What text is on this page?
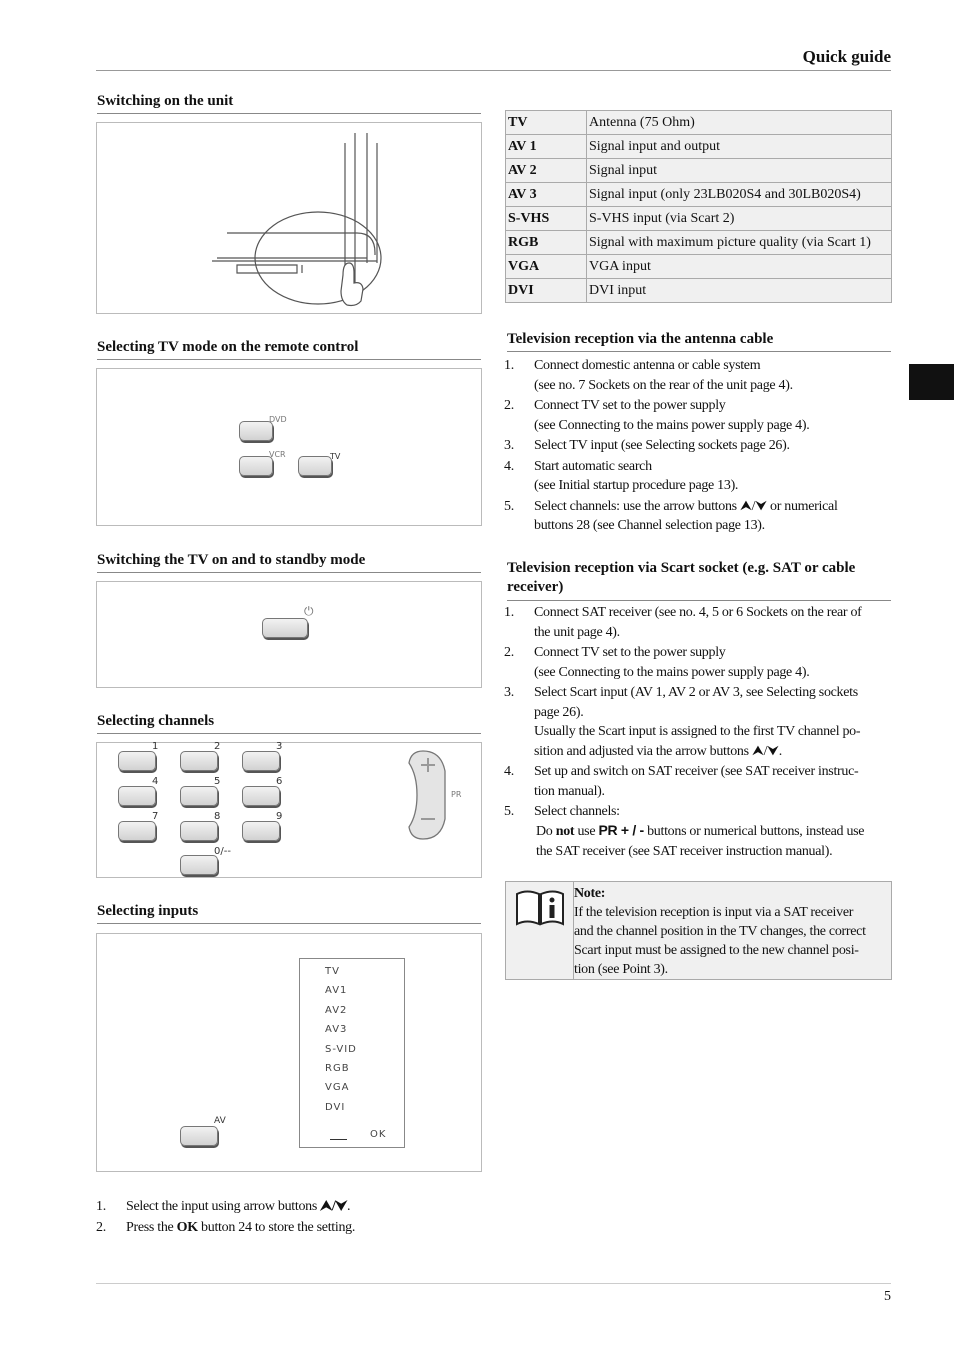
Quick guide
5
Switching on the unit
Selecting TV mode on the remote control
DVD
VCR	TV
Switching the TV on and to standby mode
⏻
Selecting channels
1	2	3
4	5	6
7	8	9
0/--
PR
Selecting inputs
TV
AV1
AV2
AV3
S-VID
RGB
VGA
DVI
OK
AV
1. Select the input using arrow buttons ⮝/⮟.
2. Press the OK button 24 to store the setting.
TV	Antenna (75 Ohm)
AV 1	Signal input and output
AV 2	Signal input
AV 3	Signal input (only 23LB020S4 and 30LB020S4)
S-VHS	S-VHS input (via Scart 2)
RGB	Signal with maximum picture quality (via Scart 1)
VGA	VGA input
DVI	DVI input
Television reception via the antenna cable
1. Connect domestic antenna or cable system
(see no. 7 Sockets on the rear of the unit page 4).
2. Connect TV set to the power supply
(see Connecting to the mains power supply page 4).
3. Select TV input (see Selecting sockets page 26).
4. Start automatic search
(see Initial startup procedure page 13).
5. Select channels: use the arrow buttons ⮝/⮟ or numerical
buttons 28 (see Channel selection page 13).
Television reception via Scart socket (e.g. SAT or cable receiver)
1. Connect SAT receiver (see no. 4, 5 or 6 Sockets on the rear of
the unit page 4).
2. Connect TV set to the power supply
(see Connecting to the mains power supply page 4).
3. Select Scart input (AV 1, AV 2 or AV 3, see Selecting sockets
page 26).
Usually the Scart input is assigned to the first TV channel po-
sition and adjusted via the arrow buttons ⮝/⮟.
4. Set up and switch on SAT receiver (see SAT receiver instruc-
tion manual).
5. Select channels:
Do not use PR + / - buttons or numerical buttons, instead use
the SAT receiver (see SAT receiver instruction manual).
Note:
If the television reception is input via a SAT receiver
and the channel position in the TV changes, the correct
Scart input must be assigned to the new channel posi-
tion (see Point 3).
